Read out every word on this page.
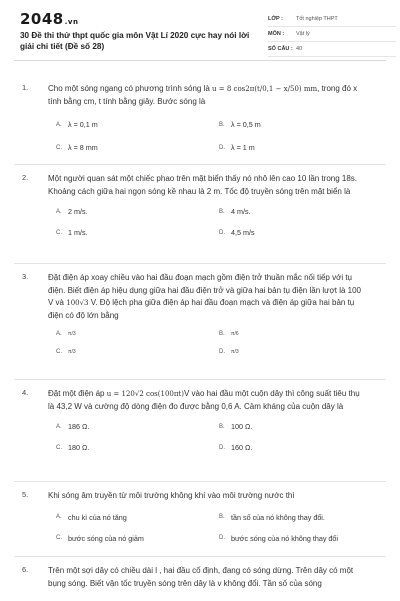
2048.vn
30 Đề thi thử thpt quốc gia môn Vật Lí 2020 cực hay nói lời giải chi tiết (Đề số 28)
LỚP :	Tốt nghiệp THPT
MÔN :	Vật lý
SỐ CÂU : 40
1. Cho một sóng ngang có phương trình sóng là u = 8 cos2π(t/0,1 − x/50) mm, trong đó x tính bằng cm, t tính bằng giây. Bước sóng là
A. λ = 0,1 m	B. λ = 0,5 m
C. λ = 8 mm	D. λ = 1 m
2. Một người quan sát một chiếc phao trên mặt biển thấy nó nhô lên cao 10 lần trong 18s. Khoảng cách giữa hai ngọn sóng kề nhau là 2 m. Tốc độ truyền sóng trên mặt biển là
A. 2 m/s.	B. 4 m/s.
C. 1 m/s.	D. 4,5 m/s
3. Đặt điện áp xoay chiều vào hai đầu đoạn mạch gồm điện trở thuần mắc nối tiếp với tụ điện. Biết điện áp hiệu dụng giữa hai đầu điện trở và giữa hai bản tụ điện lần lượt là 100 V và 100√3 V. Độ lệch pha giữa điện áp hai đầu đoạn mạch và điện áp giữa hai bản tụ điện có độ lớn bằng
A.	π/3	B.	π/6
C.	π/3	D.	π/3
4. Đặt một điện áp u = 120√2 cos(100πt)V vào hai đầu một cuộn dây thì công suất tiêu thụ là 43,2 W và cường độ dòng điện đo được bằng 0,6 A. Cảm kháng của cuộn dây là
A. 186 Ω.	B. 100 Ω.
C. 180 Ω.	D. 160 Ω.
5. Khi sóng âm truyền từ môi trường không khí vào môi trường nước thì
A. chu kì của nó tăng	B. tần số của nó không thay đổi.
C. bước sóng của nó giảm	D. bước sóng của nó không thay đổi
6. Trên một sợi dây có chiều dài l , hai đầu cố định, đang có sóng dừng. Trên dây có một bụng sóng. Biết vận tốc truyền sóng trên dây là v không đổi. Tần số của sóng
